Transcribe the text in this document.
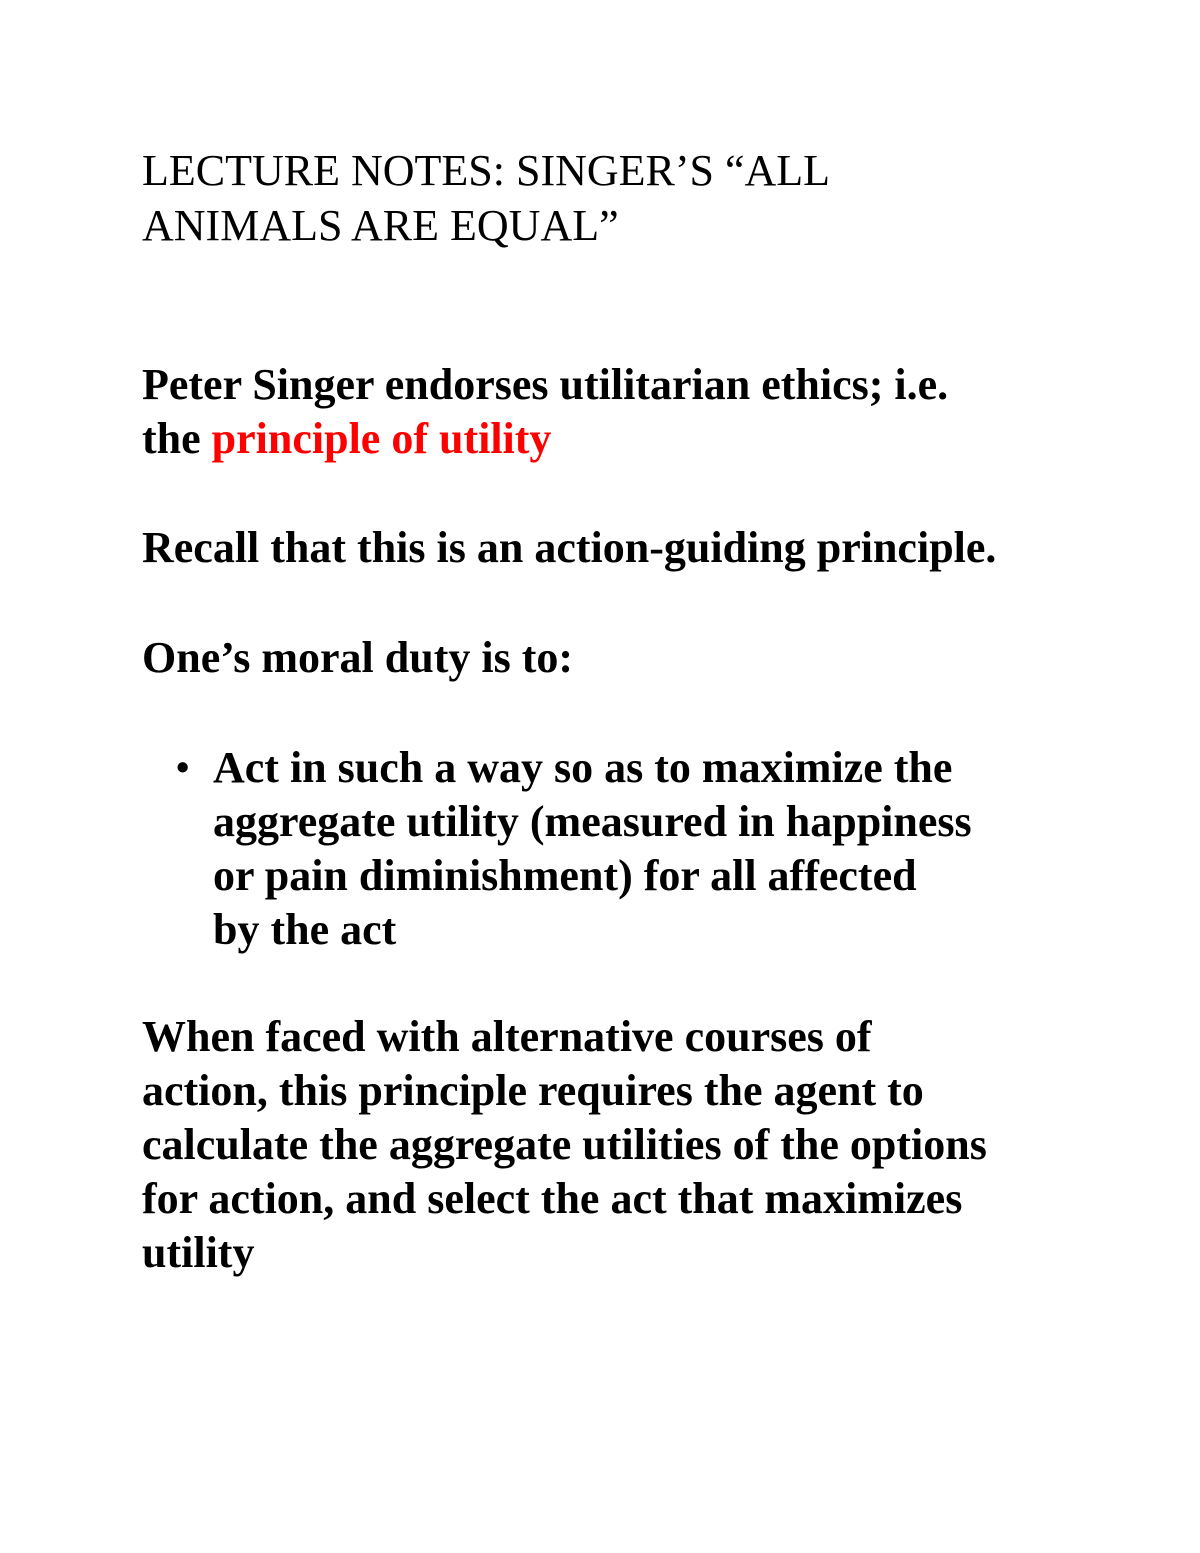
LECTURE NOTES: SINGER’S “ALL
ANIMALS ARE EQUAL”

Peter Singer endorses utilitarian ethics; i.e.
the principle of utility

Recall that this is an action-guiding principle.

One’s moral duty is to:

• Act in such a way so as to maximize the
aggregate utility (measured in happiness
or pain diminishment) for all affected
by the act

When faced with alternative courses of
action, this principle requires the agent to
calculate the aggregate utilities of the options
for action, and select the act that maximizes
utility
